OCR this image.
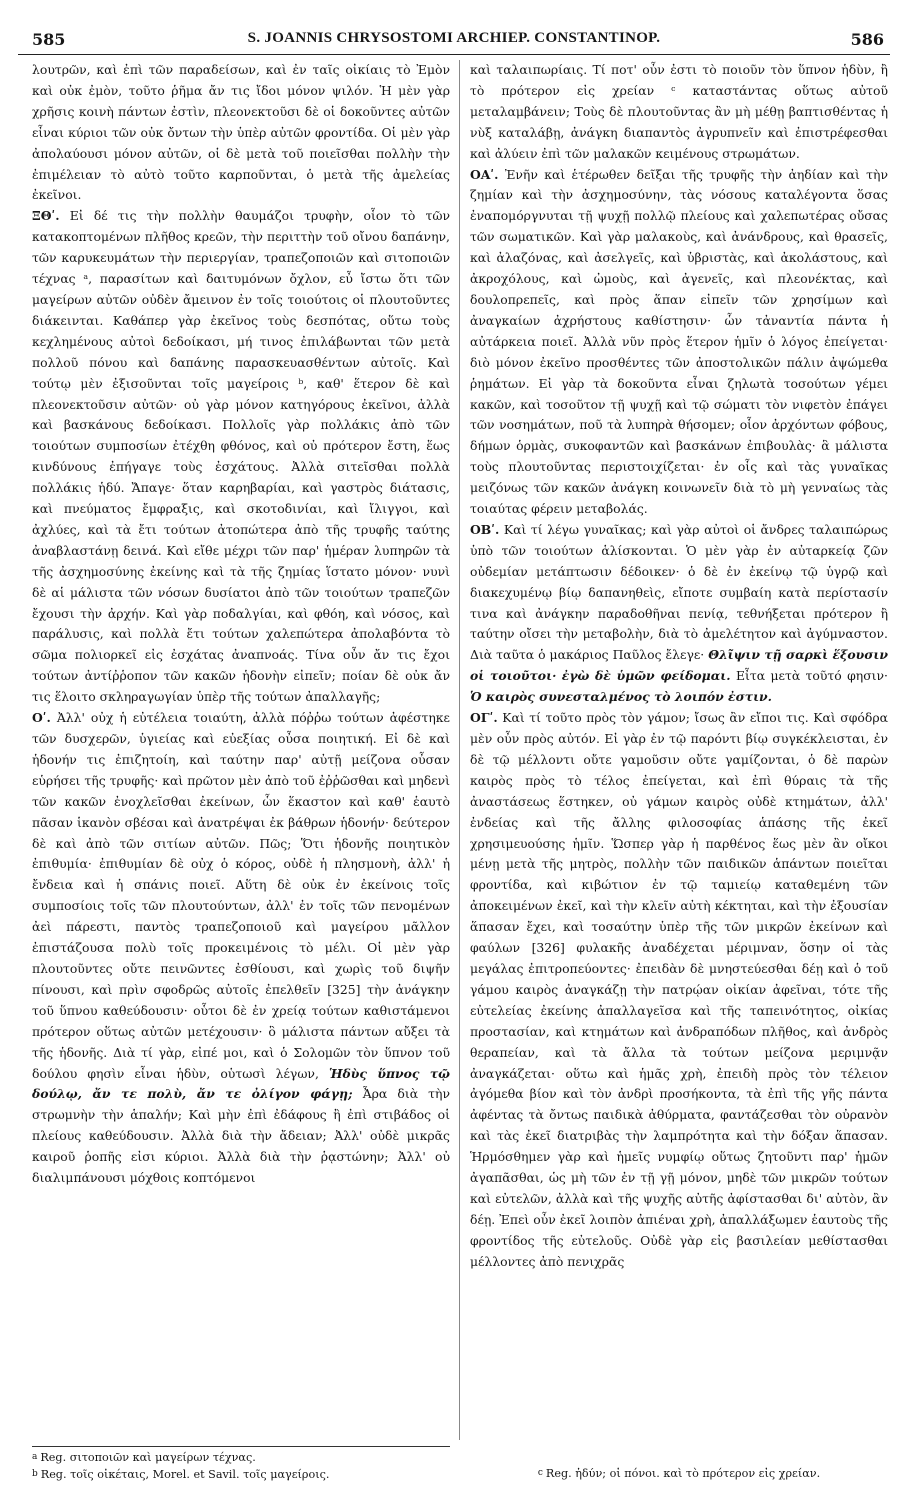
585	S. JOANNIS CHRYSOSTOMI ARCHIEP. CONSTANTINOP.	586

λουτρῶν, καὶ ἐπὶ τῶν παραδείσων, καὶ ἐν ταῖς οἰκίαις τὸ Ἐμὸν καὶ οὐκ ἐμὸν, τοῦτο ῥῆμα ἄν τις ἴδοι μόνον ψιλόν. Ἡ μὲν γὰρ χρῆσις κοινὴ πάντων ἐστὶν, πλεονεκτοῦσι δὲ οἱ δοκοῦντες αὐτῶν εἶναι κύριοι τῶν οὐκ ὄντων τὴν ὑπὲρ αὐτῶν φροντίδα. Οἱ μὲν γὰρ ἀπολαύουσι μόνον αὐτῶν, οἱ δὲ μετὰ τοῦ ποιεῖσθαι πολλὴν τὴν ἐπιμέλειαν τὸ αὐτὸ τοῦτο καρποῦνται, ὁ μετὰ τῆς ἀμελείας ἐκεῖνοι.

ΞΘʹ. Εἰ δέ τις τὴν πολλὴν θαυμάζοι τρυφὴν, οἷον τὸ τῶν κατακοπτομένων πλῆθος κρεῶν, τὴν περιττὴν τοῦ οἴνου δαπάνην, τῶν καρυκευμάτων τὴν περιεργίαν, τραπεζοποιῶν καὶ σιτοποιῶν τέχνας ᵃ, παρασίτων καὶ δαιτυμόνων ὄχλον, εὖ ἴστω ὅτι τῶν μαγείρων αὐτῶν οὐδὲν ἄμεινον ἐν τοῖς τοιούτοις οἱ πλουτοῦντες διάκεινται. Καθάπερ γὰρ ἐκεῖνος τοὺς δεσπότας, οὕτω τοὺς κεχλημένους αὐτοὶ δεδοίκασι, μή τινος ἐπιλάβωνται τῶν μετὰ πολλοῦ πόνου καὶ δαπάνης παρασκευασθέντων αὐτοῖς. Καὶ τούτῳ μὲν ἐξισοῦνται τοῖς μαγείροις ᵇ, καθ' ἕτερον δὲ καὶ πλεονεκτοῦσιν αὐτῶν· οὐ γὰρ μόνον κατηγόρους ἐκεῖνοι, ἀλλὰ καὶ βασκάνους δεδοίκασι. Πολλοῖς γὰρ πολλάκις ἀπὸ τῶν τοιούτων συμποσίων ἐτέχθη φθόνος, καὶ οὐ πρότερον ἔστη, ἕως κινδύνους ἐπήγαγε τοὺς ἐσχάτους. Ἀλλὰ σιτεῖσθαι πολλὰ πολλάκις ἡδύ. Ἄπαγε· ὅταν καρηβαρίαι, καὶ γαστρὸς διάτασις, καὶ πνεύματος ἔμφραξις, καὶ σκοτοδινίαι, καὶ ἴλιγγοι, καὶ ἀχλύες, καὶ τὰ ἔτι τούτων ἀτοπώτερα ἀπὸ τῆς τρυφῆς ταύτης ἀναβλαστάνῃ δεινά. Καὶ εἴθε μέχρι τῶν παρ' ἡμέραν λυπηρῶν τὰ τῆς ἀσχημοσύνης ἐκείνης καὶ τὰ τῆς ζημίας ἵστατο μόνον· νυνὶ δὲ αἱ μάλιστα τῶν νόσων δυσίατοι ἀπὸ τῶν τοιούτων τραπεζῶν ἔχουσι τὴν ἀρχήν. Καὶ γὰρ ποδαλγίαι, καὶ φθόη, καὶ νόσος, καὶ παράλυσις, καὶ πολλὰ ἔτι τούτων χαλεπώτερα ἀπολαβόντα τὸ σῶμα πολιορκεῖ εἰς ἐσχάτας ἀναπνοάς. Τίνα οὖν ἄν τις ἔχοι τούτων ἀντίῤῥοπον τῶν κακῶν ἡδονὴν εἰπεῖν; ποίαν δὲ οὐκ ἄν τις ἕλοιτο σκληραγωγίαν ὑπὲρ τῆς τούτων ἀπαλλαγῆς;

Οʹ. Ἀλλ' οὐχ ἡ εὐτέλεια τοιαύτη, ἀλλὰ πόῤῥω τούτων ἀφέστηκε τῶν δυσχερῶν, ὑγιείας καὶ εὐεξίας οὖσα ποιητική. Εἰ δὲ καὶ ἡδονήν τις ἐπιζητοίη, καὶ ταύτην παρ' αὐτῇ μείζονα οὖσαν εὑρήσει τῆς τρυφῆς· καὶ πρῶτον μὲν ἀπὸ τοῦ ἐῤῥῶσθαι καὶ μηδενὶ τῶν κακῶν ἐνοχλεῖσθαι ἐκείνων, ὧν ἕκαστον καὶ καθ' ἑαυτὸ πᾶσαν ἱκανὸν σβέσαι καὶ ἀνατρέψαι ἐκ βάθρων ἡδονήν· δεύτερον δὲ καὶ ἀπὸ τῶν σιτίων αὐτῶν. Πῶς; Ὅτι ἡδονῆς ποιητικὸν ἐπιθυμία· ἐπιθυμίαν δὲ οὐχ ὁ κόρος, οὐδὲ ἡ πλησμονὴ, ἀλλ' ἡ ἔνδεια καὶ ἡ σπάνις ποιεῖ. Αὕτη δὲ οὐκ ἐν ἐκείνοις τοῖς συμποσίοις τοῖς τῶν πλουτούντων, ἀλλ' ἐν τοῖς τῶν πενομένων ἀεὶ πάρεστι, παντὸς τραπεζοποιοῦ καὶ μαγείρου μᾶλλον ἐπιστάζουσα πολὺ τοῖς προκειμένοις τὸ μέλι. Οἱ μὲν γὰρ πλουτοῦντες οὔτε πεινῶντες ἐσθίουσι, καὶ χωρὶς τοῦ διψῆν πίνουσι, καὶ πρὶν σφοδρῶς αὐτοῖς ἐπελθεῖν [325] τὴν ἀνάγκην τοῦ ὕπνου καθεύδουσιν· οὗτοι δὲ ἐν χρείᾳ τούτων καθιστάμενοι πρότερον οὕτως αὐτῶν μετέχουσιν· ὃ μάλιστα πάντων αὔξει τὰ τῆς ἡδονῆς. Διὰ τί γὰρ, εἰπέ μοι, καὶ ὁ Σολομῶν τὸν ὕπνον τοῦ δούλου φησὶν εἶναι ἡδὺν, οὑτωσὶ λέγων, Ἡδὺς ὕπνος τῷ δούλῳ, ἄν τε πολὺ, ἄν τε ὀλίγον φάγῃ; Ἆρα διὰ τὴν στρωμνὴν τὴν ἁπαλήν; Καὶ μὴν ἐπὶ ἐδάφους ἢ ἐπὶ στιβάδος οἱ πλείους καθεύδουσιν. Ἀλλὰ διὰ τὴν ἄδειαν; Ἀλλ' οὐδὲ μικρᾶς καιροῦ ῥοπῆς εἰσι κύριοι. Ἀλλὰ διὰ τὴν ῥᾳστώνην; Ἀλλ' οὐ διαλιμπάνουσι μόχθοις κοπτόμενοι

καὶ ταλαιπωρίαις. Τί ποτ' οὖν ἐστι τὸ ποιοῦν τὸν ὕπνον ἡδὺν, ἢ τὸ πρότερον εἰς χρείαν ᶜ καταστάντας οὕτως αὐτοῦ μεταλαμβάνειν; Τοὺς δὲ πλουτοῦντας ἂν μὴ μέθῃ βαπτισθέντας ἡ νὺξ καταλάβῃ, ἀνάγκη διαπαντὸς ἀγρυπνεῖν καὶ ἐπιστρέφεσθαι καὶ ἀλύειν ἐπὶ τῶν μαλακῶν κειμένους στρωμάτων.

ΟΑʹ. Ἐνῆν καὶ ἑτέρωθεν δεῖξαι τῆς τρυφῆς τὴν ἀηδίαν καὶ τὴν ζημίαν καὶ τὴν ἀσχημοσύνην, τὰς νόσους καταλέγοντα ὅσας ἐναπομόργνυται τῇ ψυχῇ πολλῷ πλείους καὶ χαλεπωτέρας οὔσας τῶν σωματικῶν. Καὶ γὰρ μαλακοὺς, καὶ ἀνάνδρους, καὶ θρασεῖς, καὶ ἀλαζόνας, καὶ ἀσελγεῖς, καὶ ὑβριστὰς, καὶ ἀκολάστους, καὶ ἀκροχόλους, καὶ ὠμοὺς, καὶ ἀγενεῖς, καὶ πλεονέκτας, καὶ δουλοπρεπεῖς, καὶ πρὸς ἅπαν εἰπεῖν τῶν χρησίμων καὶ ἀναγκαίων ἀχρήστους καθίστησιν· ὧν τἀναντία πάντα ἡ αὐτάρκεια ποιεῖ. Ἀλλὰ νῦν πρὸς ἕτερον ἡμῖν ὁ λόγος ἐπείγεται· διὸ μόνον ἐκεῖνο προσθέντες τῶν ἀποστολικῶν πάλιν ἀψώμεθα ῥημάτων. Εἰ γὰρ τὰ δοκοῦντα εἶναι ζηλωτὰ τοσούτων γέμει κακῶν, καὶ τοσοῦτον τῇ ψυχῇ καὶ τῷ σώματι τὸν νιφετὸν ἐπάγει τῶν νοσημάτων, ποῦ τὰ λυπηρὰ θήσομεν; οἷον ἀρχόντων φόβους, δήμων ὁρμὰς, συκοφαντῶν καὶ βασκάνων ἐπιβουλὰς· ἃ μάλιστα τοὺς πλουτοῦντας περιστοιχίζεται· ἐν οἷς καὶ τὰς γυναῖκας μειζόνως τῶν κακῶν ἀνάγκη κοινωνεῖν διὰ τὸ μὴ γενναίως τὰς τοιαύτας φέρειν μεταβολάς.

ΟΒʹ. Καὶ τί λέγω γυναῖκας; καὶ γὰρ αὐτοὶ οἱ ἄνδρες ταλαιπώρως ὑπὸ τῶν τοιούτων ἁλίσκονται. Ὁ μὲν γὰρ ἐν αὐταρκείᾳ ζῶν οὐδεμίαν μετάπτωσιν δέδοικεν· ὁ δὲ ἐν ἐκείνῳ τῷ ὑγρῷ καὶ διακεχυμένῳ βίῳ δαπανηθεὶς, εἴποτε συμβαίη κατὰ περίστασίν τινα καὶ ἀνάγκην παραδοθῆναι πενίᾳ, τεθνήξεται πρότερον ἢ ταύτην οἴσει τὴν μεταβολὴν, διὰ τὸ ἀμελέτητον καὶ ἀγύμναστον. Διὰ ταῦτα ὁ μακάριος Παῦλος ἔλεγε· Θλῖψιν τῇ σαρκὶ ἕξουσιν οἱ τοιοῦτοι· ἐγὼ δὲ ὑμῶν φείδομαι. Εἶτα μετὰ τοῦτό φησιν· Ὁ καιρὸς συνεσταλμένος τὸ λοιπόν ἐστιν.

ΟΓʹ. Καὶ τί τοῦτο πρὸς τὸν γάμον; ἴσως ἂν εἴποι τις. Καὶ σφόδρα μὲν οὖν πρὸς αὐτόν. Εἰ γὰρ ἐν τῷ παρόντι βίῳ συγκέκλεισται, ἐν δὲ τῷ μέλλοντι οὔτε γαμοῦσιν οὔτε γαμίζονται, ὁ δὲ παρὼν καιρὸς πρὸς τὸ τέλος ἐπείγεται, καὶ ἐπὶ θύραις τὰ τῆς ἀναστάσεως ἕστηκεν, οὐ γάμων καιρὸς οὐδὲ κτημάτων, ἀλλ' ἐνδείας καὶ τῆς ἄλλης φιλοσοφίας ἁπάσης τῆς ἐκεῖ χρησιμευούσης ἡμῖν. Ὥσπερ γὰρ ἡ παρθένος ἕως μὲν ἂν οἴκοι μένῃ μετὰ τῆς μητρὸς, πολλὴν τῶν παιδικῶν ἁπάντων ποιεῖται φροντίδα, καὶ κιβώτιον ἐν τῷ ταμιείῳ καταθεμένη τῶν ἀποκειμένων ἐκεῖ, καὶ τὴν κλεῖν αὐτὴ κέκτηται, καὶ τὴν ἐξουσίαν ἅπασαν ἔχει, καὶ τοσαύτην ὑπὲρ τῆς τῶν μικρῶν ἐκείνων καὶ φαύλων [326] φυλακῆς ἀναδέχεται μέριμναν, ὅσην οἱ τὰς μεγάλας ἐπιτροπεύοντες· ἐπειδὰν δὲ μνηστεύεσθαι δέῃ καὶ ὁ τοῦ γάμου καιρὸς ἀναγκάζῃ τὴν πατρῴαν οἰκίαν ἀφεῖναι, τότε τῆς εὐτελείας ἐκείνης ἀπαλλαγεῖσα καὶ τῆς ταπεινότητος, οἰκίας προστασίαν, καὶ κτημάτων καὶ ἀνδραπόδων πλῆθος, καὶ ἀνδρὸς θεραπείαν, καὶ τὰ ἄλλα τὰ τούτων μείζονα μεριμνᾷν ἀναγκάζεται· οὕτω καὶ ἡμᾶς χρὴ, ἐπειδὴ πρὸς τὸν τέλειον ἀγόμεθα βίον καὶ τὸν ἀνδρὶ προσήκοντα, τὰ ἐπὶ τῆς γῆς πάντα ἀφέντας τὰ ὄντως παιδικὰ ἀθύρματα, φαντάζεσθαι τὸν οὐρανὸν καὶ τὰς ἐκεῖ διατριβὰς τὴν λαμπρότητα καὶ τὴν δόξαν ἅπασαν. Ἡρμόσθημεν γὰρ καὶ ἡμεῖς νυμφίῳ οὕτως ζητοῦντι παρ' ἡμῶν ἀγαπᾶσθαι, ὡς μὴ τῶν ἐν τῇ γῇ μόνον, μηδὲ τῶν μικρῶν τούτων καὶ εὐτελῶν, ἀλλὰ καὶ τῆς ψυχῆς αὐτῆς ἀφίστασθαι δι' αὐτὸν, ἂν δέῃ. Ἐπεὶ οὖν ἐκεῖ λοιπὸν ἀπιέναι χρὴ, ἀπαλλάξωμεν ἑαυτοὺς τῆς φροντίδος τῆς εὐτελοῦς. Οὐδὲ γὰρ εἰς βασιλείαν μεθίστασθαι μέλλοντες ἀπὸ πενιχρᾶς

a Reg. σιτοποιῶν καὶ μαγείρων τέχνας.
b Reg. τοῖς οἰκέταις, Morel. et Savil. τοῖς μαγείροις.	c Reg. ἡδύν; οἱ πόνοι. καὶ τὸ πρότερον εἰς χρείαν.
